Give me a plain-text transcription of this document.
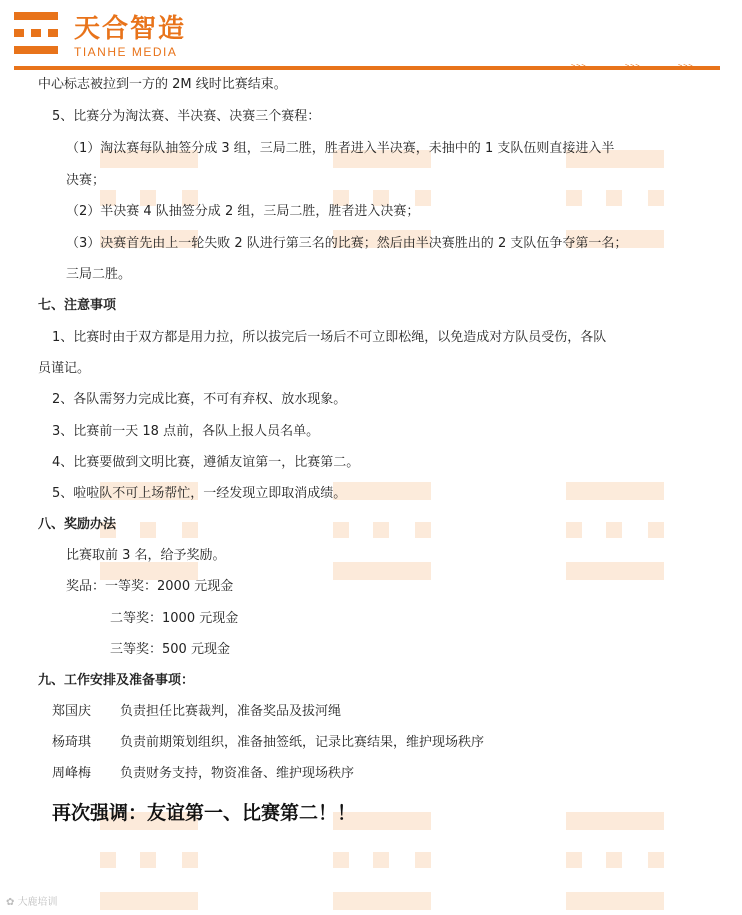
天合智造
TIANHE MEDIA
>>>	>>>	>>>
中心标志被拉到一方的 2M 线时比赛结束。
5、比赛分为淘汰赛、半决赛、决赛三个赛程：
（1）淘汰赛每队抽签分成 3 组，三局二胜，胜者进入半决赛，未抽中的 1 支队伍则直接进入半
决赛；
（2）半决赛 4 队抽签分成 2 组，三局二胜，胜者进入决赛；
（3）决赛首先由上一轮失败 2 队进行第三名的比赛；然后由半决赛胜出的 2 支队伍争夺第一名；
三局二胜。
七、注意事项
1、比赛时由于双方都是用力拉，所以拔完后一场后不可立即松绳，以免造成对方队员受伤，各队
员谨记。
2、各队需努力完成比赛，不可有弃权、放水现象。
3、比赛前一天 18 点前，各队上报人员名单。
4、比赛要做到文明比赛，遵循友谊第一，比赛第二。
5、啦啦队不可上场帮忙，一经发现立即取消成绩。
八、奖励办法
比赛取前 3 名，给予奖励。
奖品：一等奖：2000 元现金
二等奖：1000 元现金
三等奖：500 元现金
九、工作安排及准备事项：
郑国庆 负责担任比赛裁判，准备奖品及拔河绳
杨琦琪 负责前期策划组织，准备抽签纸，记录比赛结果，维护现场秩序
周峰梅 负责财务支持，物资准备、维护现场秩序
再次强调：友谊第一、比赛第二！！
✿ 大鹿培训
